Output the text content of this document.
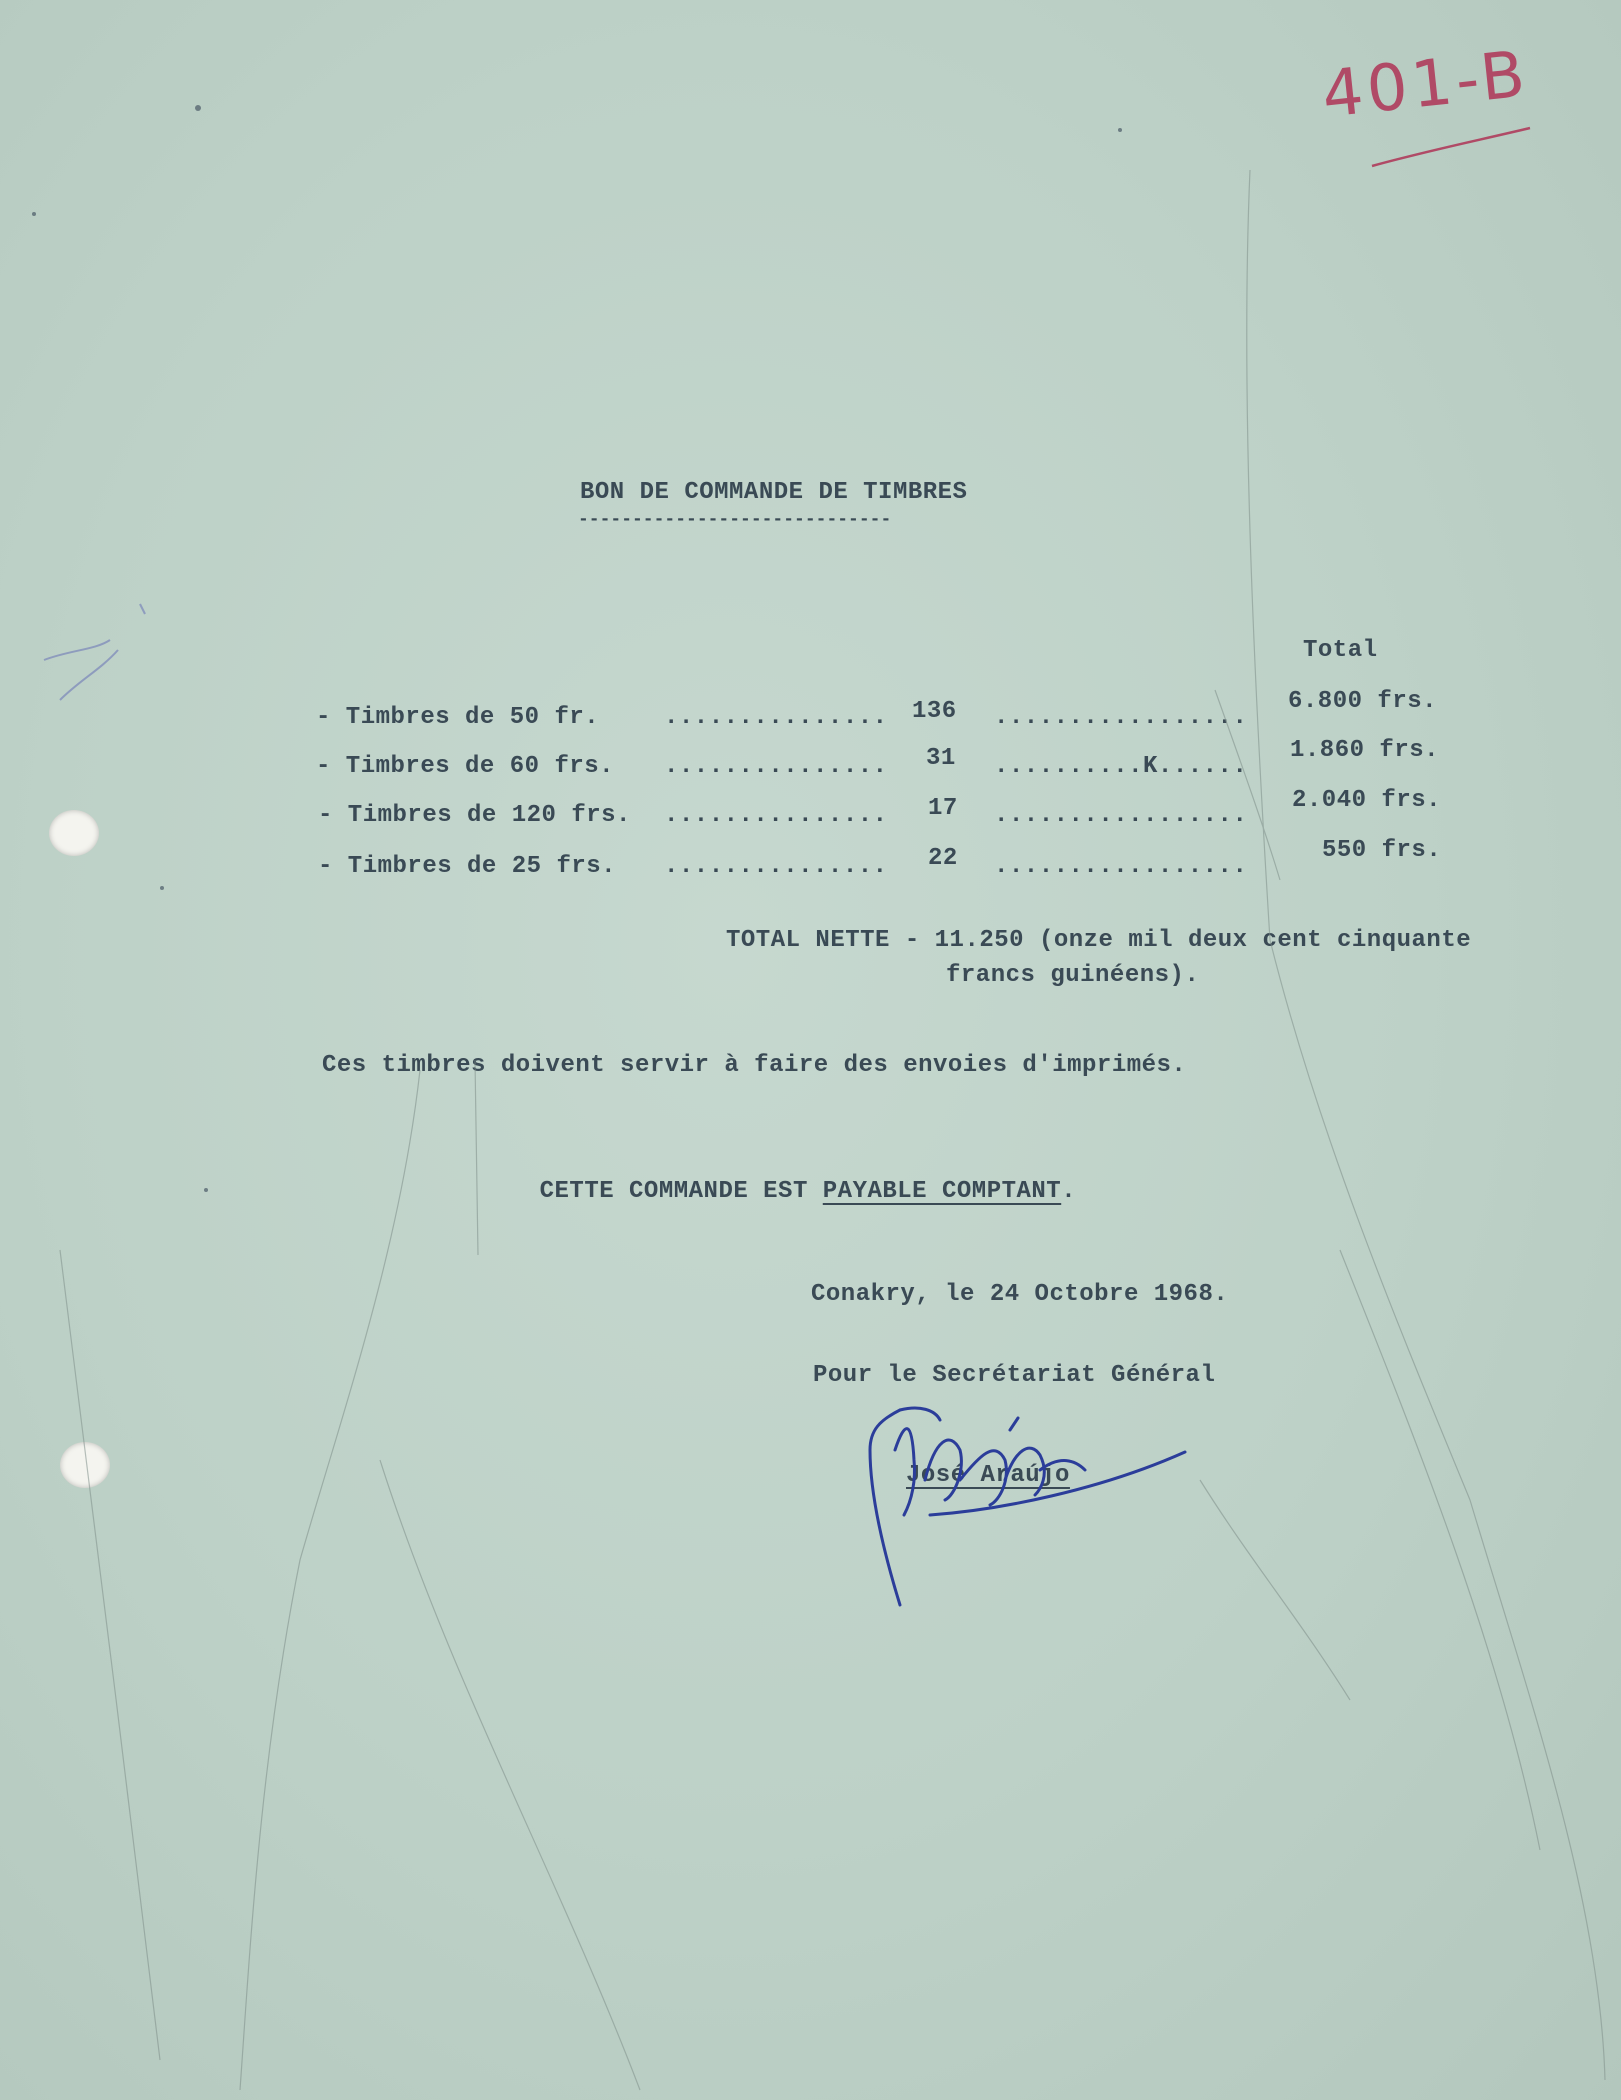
401-B
BON DE COMMANDE DE TIMBRES
-----------------------------
Total
- Timbres de 50 fr.	............... 136 .................
6.800 frs.
- Timbres de 60 frs. ............... 31 ..........K......
1.860 frs.
- Timbres de 120 frs. ............... 17 .................
2.040 frs.
- Timbres de 25 frs. ............... 22 .................
550 frs.
TOTAL NETTE - 11.250 (onze mil deux cent cinquante
francs guinéens).
Ces timbres doivent servir à faire des envoies d'imprimés.

CETTE COMMANDE EST PAYABLE COMPTANT.

Conakry, le 24 Octobre 1968.
Pour le Secrétariat Général
José Araújo
